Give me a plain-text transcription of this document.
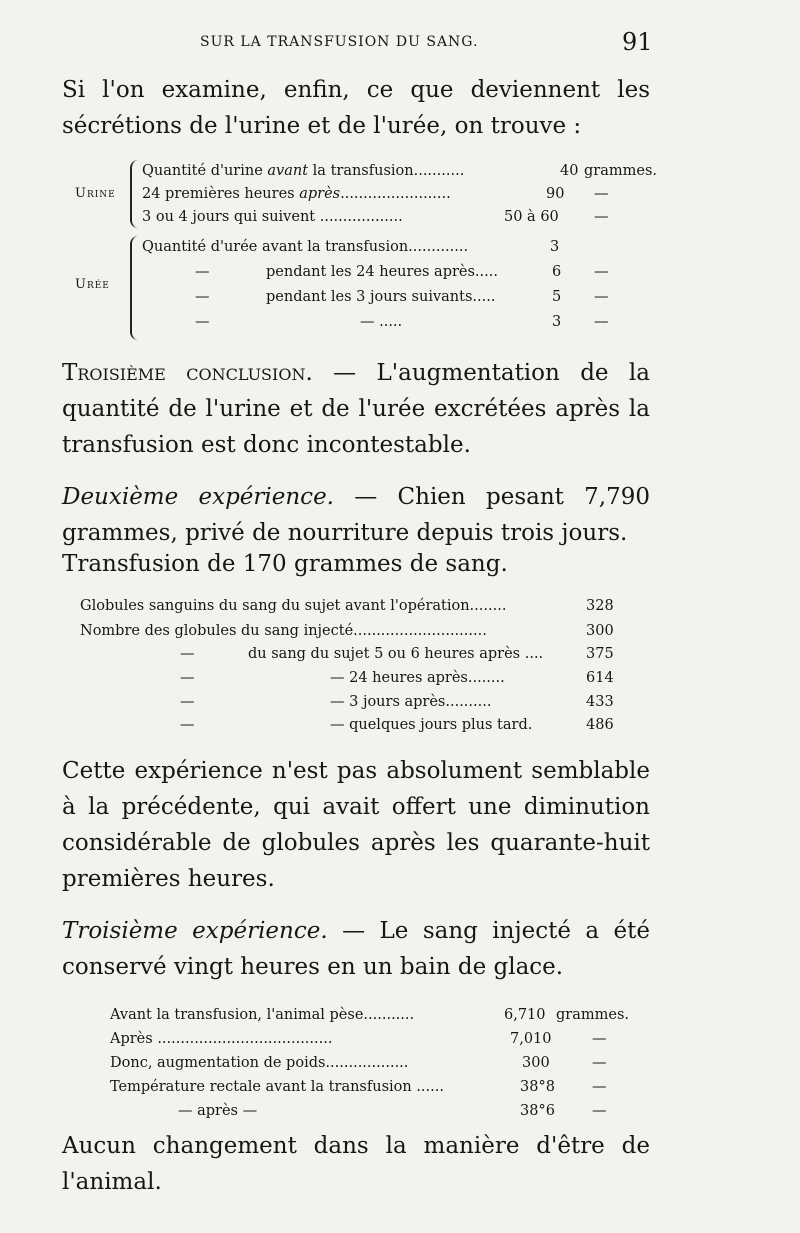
SUR LA TRANSFUSION DU SANG.	91

Si l'on examine, enfin, ce que deviennent les sécrétions de l'urine et de l'urée, on trouve :

Urine
Quantité d'urine avant la transfusion...........	40 grammes.
24 premières heures après........................	90 —
3 ou 4 jours qui suivent ..................	50 à 60 —
Urée
Quantité d'urée avant la transfusion.............	3
—	pendant les 24 heures après.....	6 —
—	pendant les 3 jours suivants.....	5 —
—	— .....	3 —

Troisième conclusion. — L'augmentation de la quantité de l'urine et de l'urée excrétées après la transfusion est donc incontestable.

Deuxième expérience. — Chien pesant 7,790 grammes, privé de nourriture depuis trois jours.

Transfusion de 170 grammes de sang.

Globules sanguins du sang du sujet avant l'opération........	328
Nombre des globules du sang injecté.............................	300
—	du sang du sujet 5 ou 6 heures après ....	375
—	— 24 heures après........	614
—	— 3 jours après..........	433
—	— quelques jours plus tard.	486

Cette expérience n'est pas absolument semblable à la précédente, qui avait offert une diminution considérable de globules après les quarante-huit premières heures.

Troisième expérience. — Le sang injecté a été conservé vingt heures en un bain de glace.

Avant la transfusion, l'animal pèse...........	6,710 grammes.
Après ......................................	7,010	—
Donc, augmentation de poids..................	300	—
Température rectale avant la transfusion ......	38°8	—
— après —	38°6	—

Aucun changement dans la manière d'être de l'animal.
